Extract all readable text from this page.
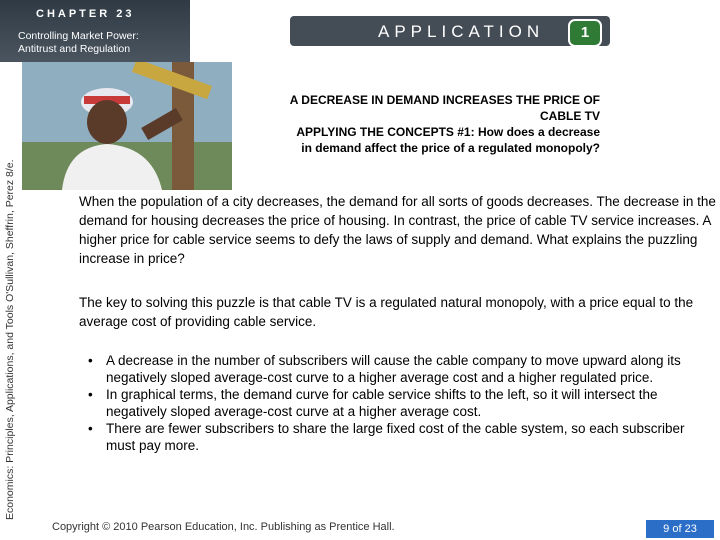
CHAPTER 23
Controlling Market Power:
Antitrust and Regulation
APPLICATION	1
Economics: Principles, Applications, and Tools O'Sullivan, Sheffrin, Perez 8/e.
A DECREASE IN DEMAND INCREASES THE PRICE OF
CABLE TV
APPLYING THE CONCEPTS #1: How does a decrease
in demand affect the price of a regulated monopoly?
When the population of a city decreases, the demand for all sorts of goods decreases. The decrease in the demand for housing decreases the price of housing. In contrast, the price of cable TV service increases. A higher price for cable service seems to defy the laws of supply and demand. What explains the puzzling increase in price?
The key to solving this puzzle is that cable TV is a regulated natural monopoly, with a price equal to the average cost of providing cable service.
• A decrease in the number of subscribers will cause the cable company to move upward along its negatively sloped average-cost curve to a higher average cost and a higher regulated price.
• In graphical terms, the demand curve for cable service shifts to the left, so it will intersect the negatively sloped average-cost curve at a higher average cost.
• There are fewer subscribers to share the large fixed cost of the cable system, so each subscriber must pay more.
Copyright © 2010 Pearson Education, Inc. Publishing as Prentice Hall.	9 of 23
